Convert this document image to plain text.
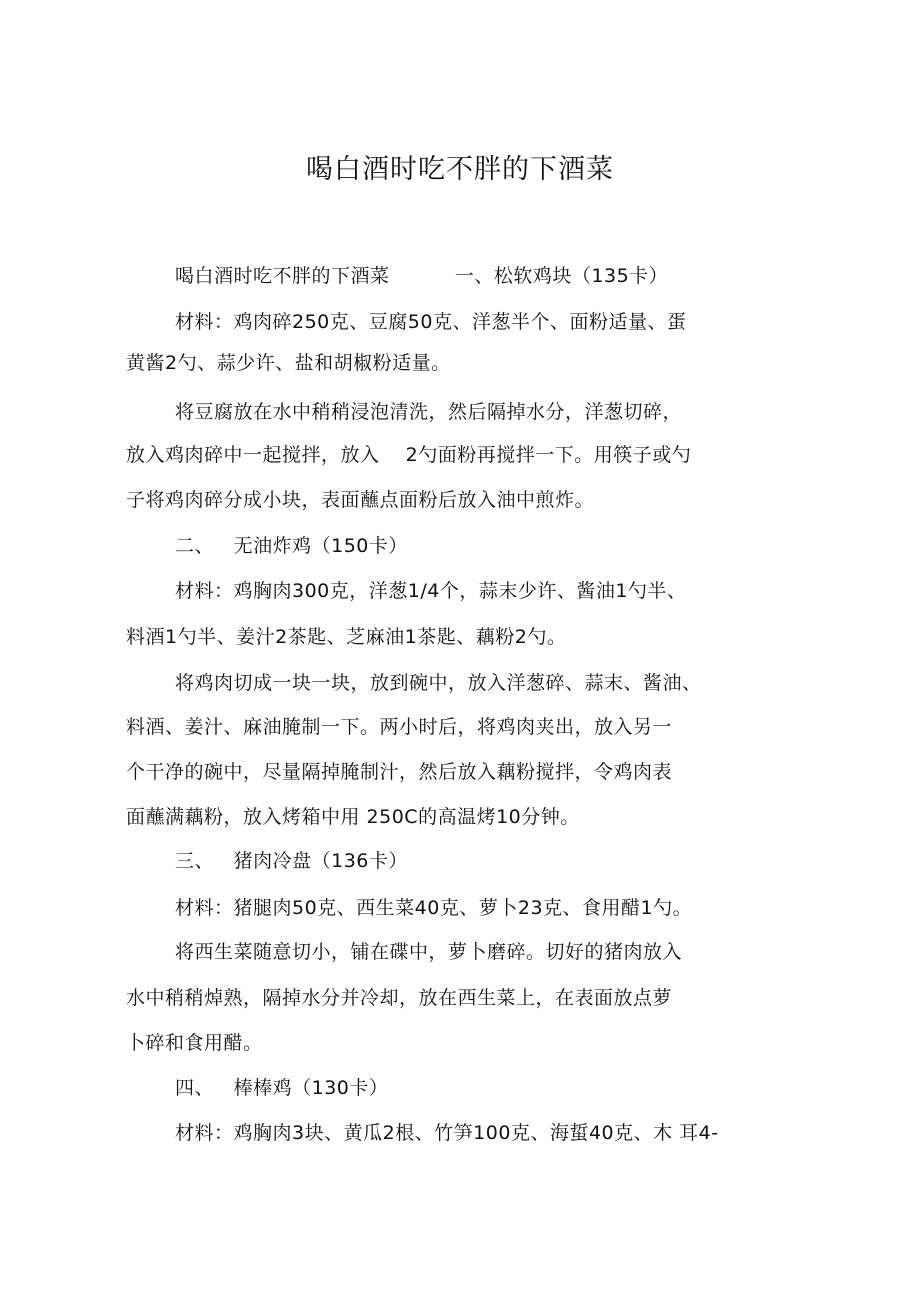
喝白酒时吃不胖的下酒菜
喝白酒时吃不胖的下酒菜          一、松软鸡块（135卡）
材料：鸡肉碎250克、豆腐50克、洋葱半个、面粉适量、蛋
黄酱2勺、蒜少许、盐和胡椒粉适量。
将豆腐放在水中稍稍浸泡清洗，然后隔掉水分，洋葱切碎，
放入鸡肉碎中一起搅拌，放入    2勺面粉再搅拌一下。用筷子或勺
子将鸡肉碎分成小块，表面蘸点面粉后放入油中煎炸。
二、   无油炸鸡（150卡）
材料：鸡胸肉300克，洋葱1/4个，蒜末少许、酱油1勺半、
料酒1勺半、姜汁2茶匙、芝麻油1茶匙、藕粉2勺。
将鸡肉切成一块一块，放到碗中，放入洋葱碎、蒜末、酱油、
料酒、姜汁、麻油腌制一下。两小时后，将鸡肉夹出，放入另一
个干净的碗中，尽量隔掉腌制汁，然后放入藕粉搅拌，令鸡肉表
面蘸满藕粉，放入烤箱中用 250C的高温烤10分钟。
三、   猪肉冷盘（136卡）
材料：猪腿肉50克、西生菜40克、萝卜23克、食用醋1勺。
将西生菜随意切小，铺在碟中，萝卜磨碎。切好的猪肉放入
水中稍稍焯熟，隔掉水分并冷却，放在西生菜上，在表面放点萝
卜碎和食用醋。
四、   棒棒鸡（130卡）
材料：鸡胸肉3块、黄瓜2根、竹笋100克、海蜇40克、木 耳4-
